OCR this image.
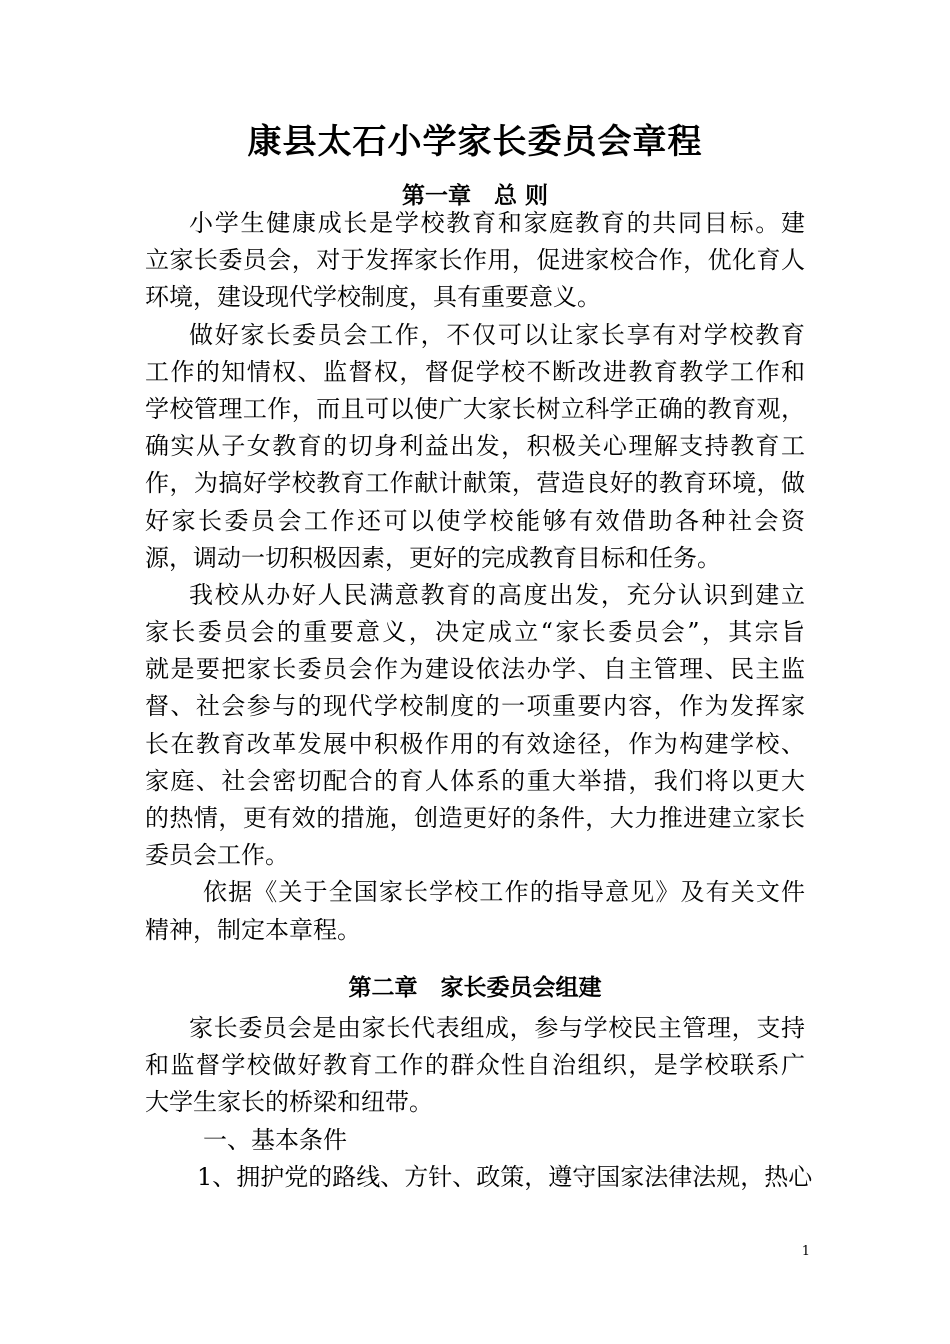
康县太石小学家长委员会章程
第一章　总 则
小学生健康成长是学校教育和家庭教育的共同目标。建
立家长委员会，对于发挥家长作用，促进家校合作，优化育人
环境，建设现代学校制度，具有重要意义。
做好家长委员会工作，不仅可以让家长享有对学校教育
工作的知情权、监督权，督促学校不断改进教育教学工作和
学校管理工作，而且可以使广大家长树立科学正确的教育观，
确实从子女教育的切身利益出发，积极关心理解支持教育工
作，为搞好学校教育工作献计献策，营造良好的教育环境，做
好家长委员会工作还可以使学校能够有效借助各种社会资
源，调动一切积极因素，更好的完成教育目标和任务。
我校从办好人民满意教育的高度出发，充分认识到建立
家长委员会的重要意义，决定成立“家长委员会”，其宗旨
就是要把家长委员会作为建设依法办学、自主管理、民主监
督、社会参与的现代学校制度的一项重要内容，作为发挥家
长在教育改革发展中积极作用的有效途径，作为构建学校、
家庭、社会密切配合的育人体系的重大举措，我们将以更大
的热情，更有效的措施，创造更好的条件，大力推进建立家长
委员会工作。
依据《关于全国家长学校工作的指导意见》及有关文件
精神，制定本章程。
第二章　家长委员会组建
家长委员会是由家长代表组成，参与学校民主管理，支持
和监督学校做好教育工作的群众性自治组织，是学校联系广
大学生家长的桥梁和纽带。
一、基本条件
1、拥护党的路线、方针、政策，遵守国家法律法规，热心
1
